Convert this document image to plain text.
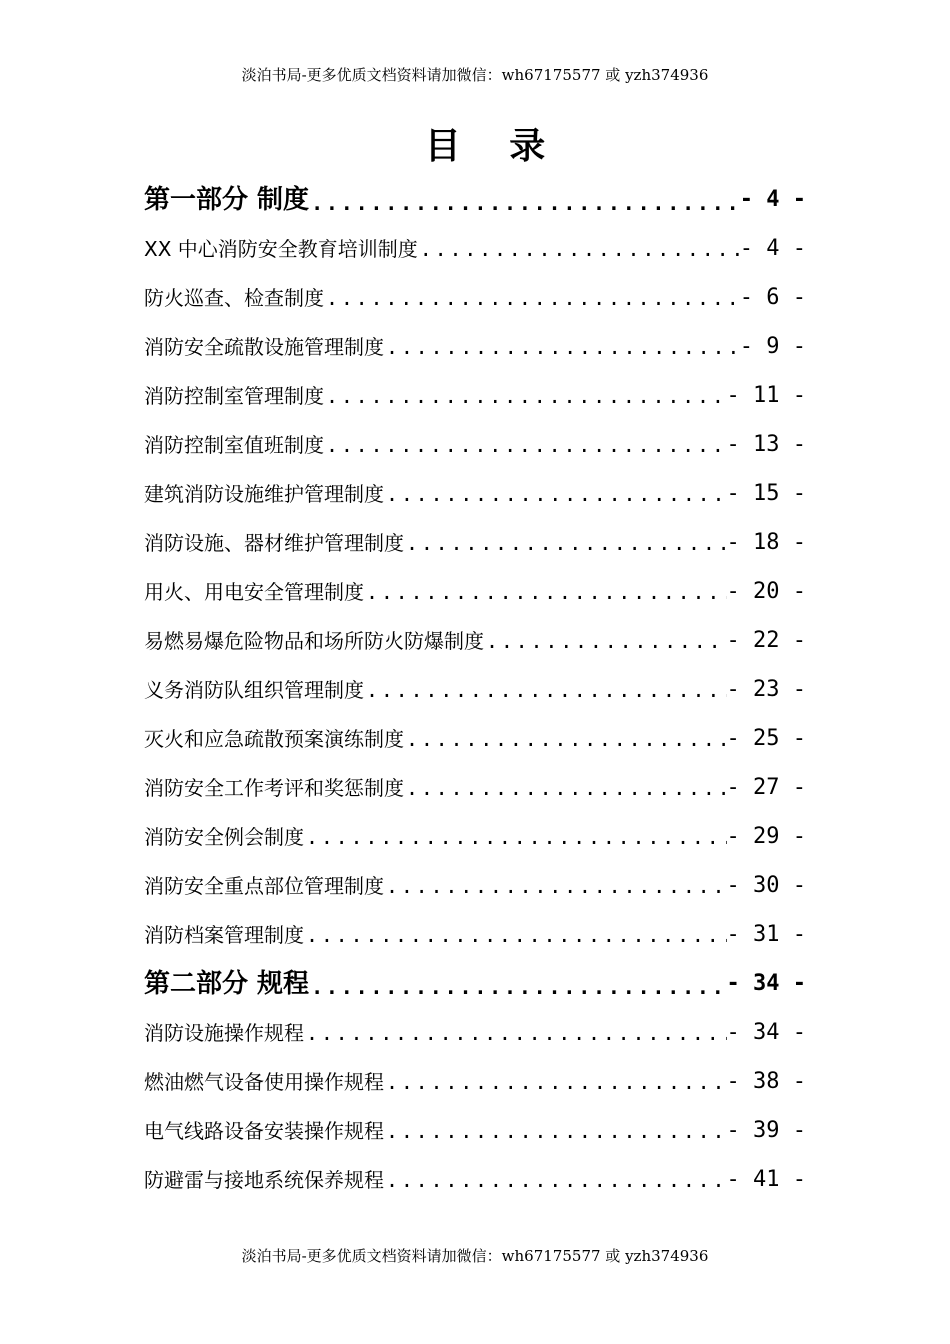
淡泊书局-更多优质文档资料请加微信：wh67175577 或 yzh374936
目 录
第一部分 制度 .....	- 4 -
XX 中心消防安全教育培训制度 .....	- 4 -
防火巡查、检查制度 .....	- 6 -
消防安全疏散设施管理制度 .....	- 9 -
消防控制室管理制度 .....	- 11 -
消防控制室值班制度 .....	- 13 -
建筑消防设施维护管理制度 .....	- 15 -
消防设施、器材维护管理制度 .....	- 18 -
用火、用电安全管理制度 .....	- 20 -
易燃易爆危险物品和场所防火防爆制度 .....	- 22 -
义务消防队组织管理制度 .....	- 23 -
灭火和应急疏散预案演练制度 .....	- 25 -
消防安全工作考评和奖惩制度 .....	- 27 -
消防安全例会制度 .....	- 29 -
消防安全重点部位管理制度 .....	- 30 -
消防档案管理制度 .....	- 31 -
第二部分 规程 .....	- 34 -
消防设施操作规程 .....	- 34 -
燃油燃气设备使用操作规程 .....	- 38 -
电气线路设备安装操作规程 .....	- 39 -
防避雷与接地系统保养规程 .....	- 41 -
淡泊书局-更多优质文档资料请加微信：wh67175577 或 yzh374936
